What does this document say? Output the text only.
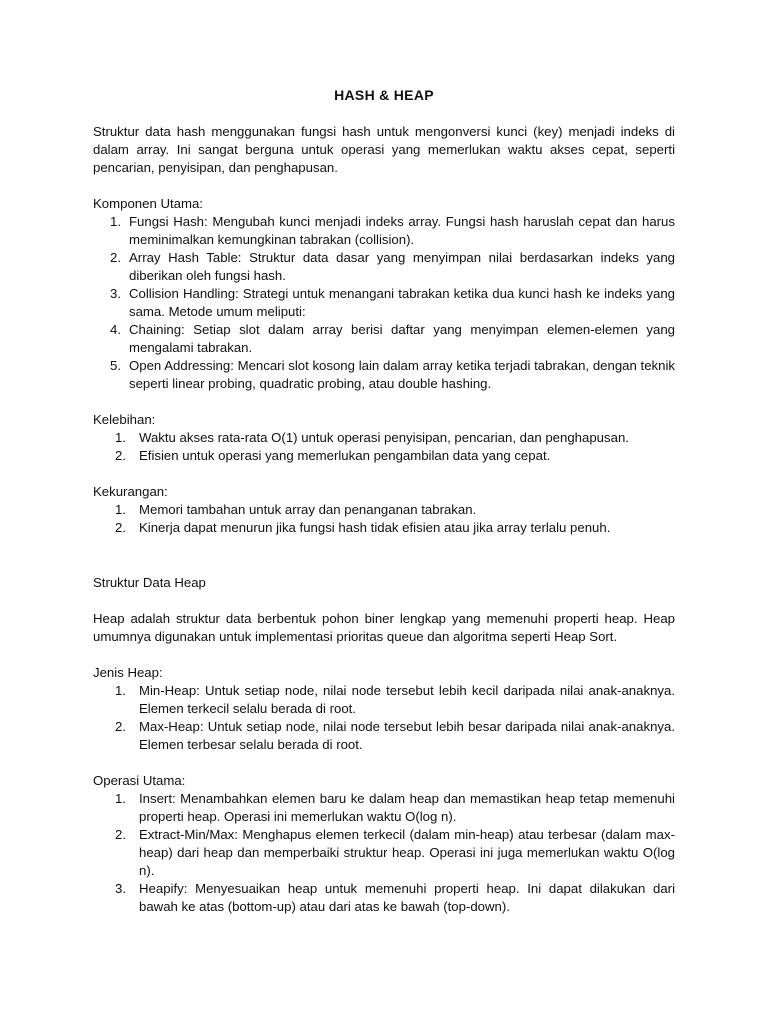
HASH & HEAP

Struktur data hash menggunakan fungsi hash untuk mengonversi kunci (key) menjadi indeks di dalam array. Ini sangat berguna untuk operasi yang memerlukan waktu akses cepat, seperti pencarian, penyisipan, dan penghapusan.

Komponen Utama:

1. Fungsi Hash: Mengubah kunci menjadi indeks array. Fungsi hash haruslah cepat dan harus meminimalkan kemungkinan tabrakan (collision).
2. Array Hash Table: Struktur data dasar yang menyimpan nilai berdasarkan indeks yang diberikan oleh fungsi hash.
3. Collision Handling: Strategi untuk menangani tabrakan ketika dua kunci hash ke indeks yang sama. Metode umum meliputi:
4. Chaining: Setiap slot dalam array berisi daftar yang menyimpan elemen-elemen yang mengalami tabrakan.
5. Open Addressing: Mencari slot kosong lain dalam array ketika terjadi tabrakan, dengan teknik seperti linear probing, quadratic probing, atau double hashing.

Kelebihan:

1. Waktu akses rata-rata O(1) untuk operasi penyisipan, pencarian, dan penghapusan.
2. Efisien untuk operasi yang memerlukan pengambilan data yang cepat.

Kekurangan:

1. Memori tambahan untuk array dan penanganan tabrakan.
2. Kinerja dapat menurun jika fungsi hash tidak efisien atau jika array terlalu penuh.

Struktur Data Heap

Heap adalah struktur data berbentuk pohon biner lengkap yang memenuhi properti heap. Heap umumnya digunakan untuk implementasi prioritas queue dan algoritma seperti Heap Sort.

Jenis Heap:

1. Min-Heap: Untuk setiap node, nilai node tersebut lebih kecil daripada nilai anak-anaknya. Elemen terkecil selalu berada di root.
2. Max-Heap: Untuk setiap node, nilai node tersebut lebih besar daripada nilai anak-anaknya. Elemen terbesar selalu berada di root.

Operasi Utama:

1. Insert: Menambahkan elemen baru ke dalam heap dan memastikan heap tetap memenuhi properti heap. Operasi ini memerlukan waktu O(log n).
2. Extract-Min/Max: Menghapus elemen terkecil (dalam min-heap) atau terbesar (dalam max-heap) dari heap dan memperbaiki struktur heap. Operasi ini juga memerlukan waktu O(log n).
3. Heapify: Menyesuaikan heap untuk memenuhi properti heap. Ini dapat dilakukan dari bawah ke atas (bottom-up) atau dari atas ke bawah (top-down).
